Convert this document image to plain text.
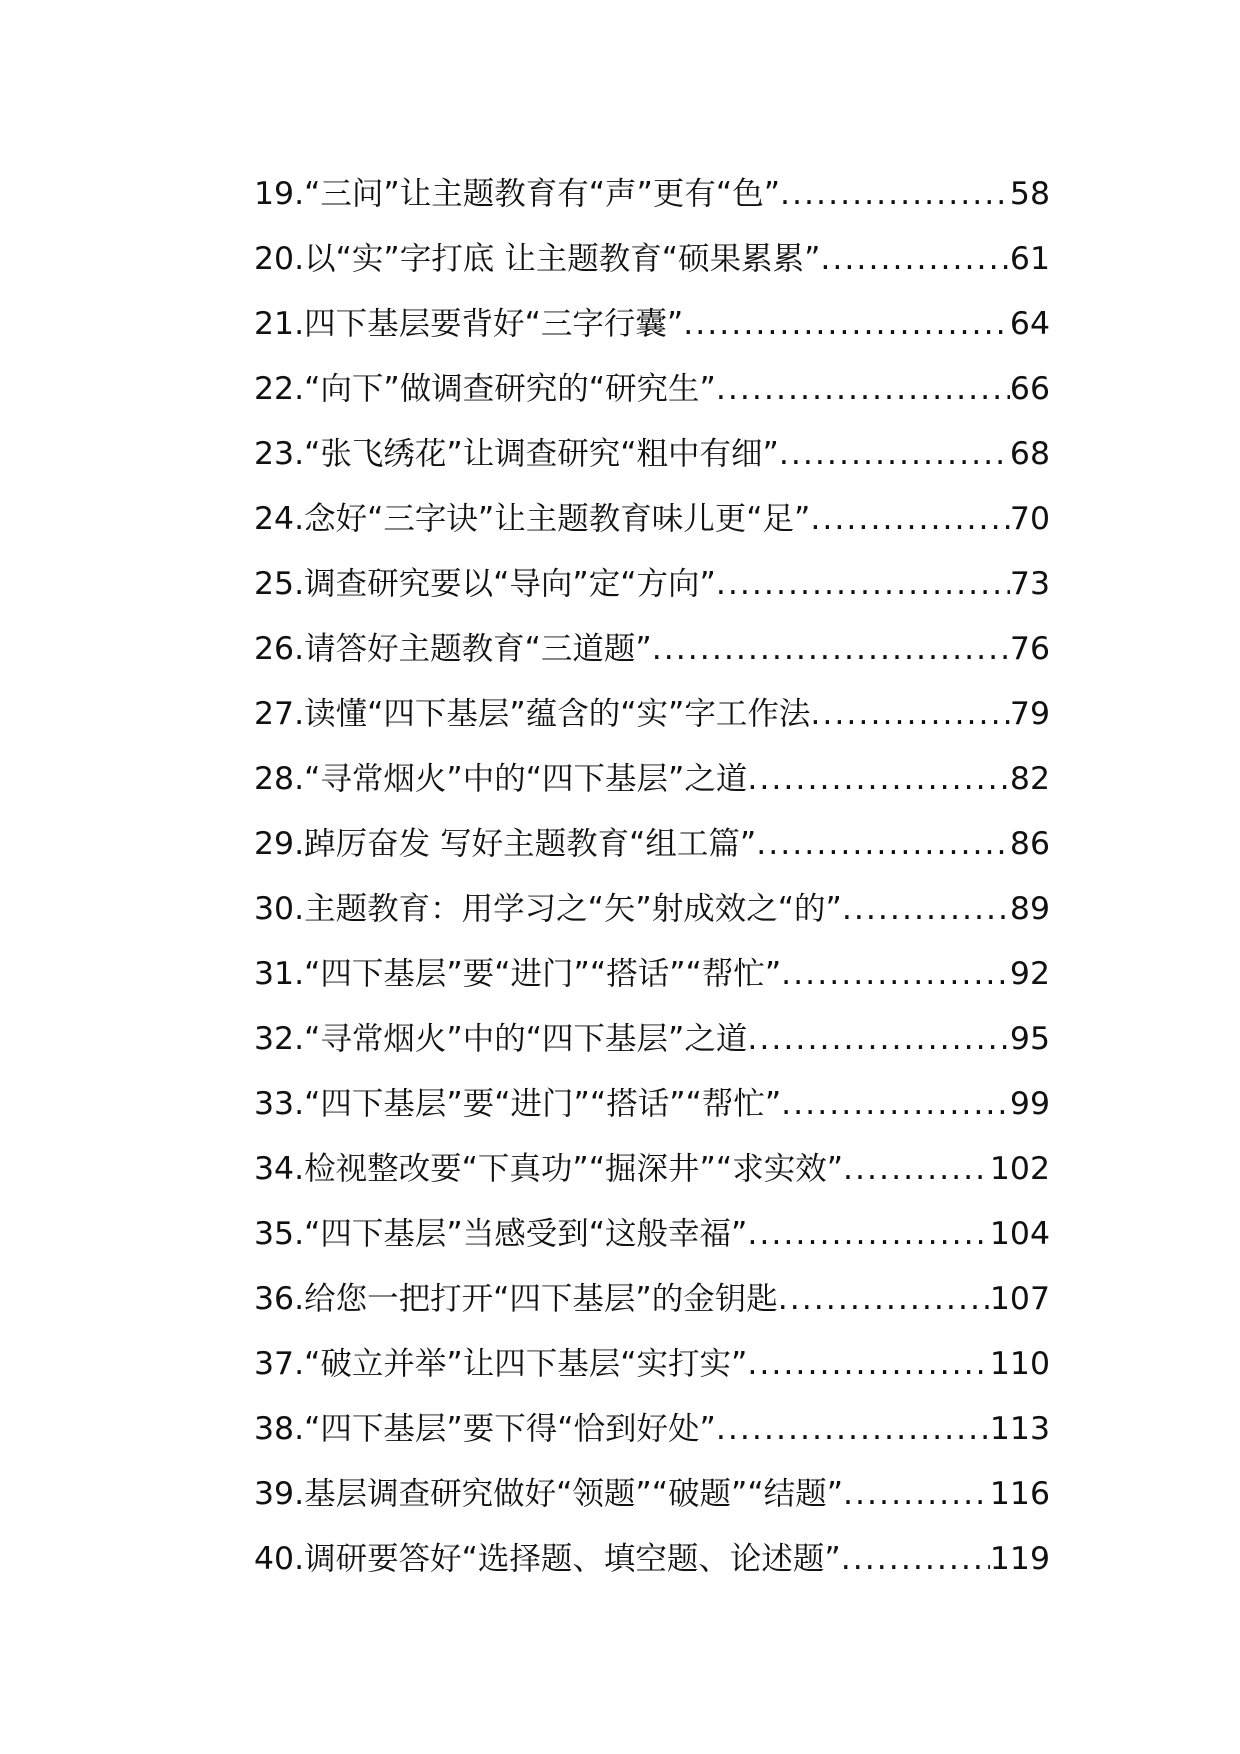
19.“三问”让主题教育有“声”更有“色” .....	58
20.以“实”字打底 让主题教育“硕果累累” .....	61
21.四下基层要背好“三字行囊” .....	64
22.“向下”做调查研究的“研究生” .....	66
23.“张飞绣花”让调查研究“粗中有细” .....	68
24.念好“三字诀”让主题教育味儿更“足” .....	70
25.调查研究要以“导向”定“方向” .....	73
26.请答好主题教育“三道题” .....	76
27.读懂“四下基层”蕴含的“实”字工作法 .....	79
28.“寻常烟火”中的“四下基层”之道 .....	82
29.踔厉奋发 写好主题教育“组工篇” .....	86
30.主题教育：用学习之“矢”射成效之“的” .....	89
31.“四下基层”要“进门”“搭话”“帮忙” .....	92
32.“寻常烟火”中的“四下基层”之道 .....	95
33.“四下基层”要“进门”“搭话”“帮忙” .....	99
34.检视整改要“下真功”“掘深井”“求实效” .....	102
35.“四下基层”当感受到“这般幸福” .....	104
36.给您一把打开“四下基层”的金钥匙 .....	107
37.“破立并举”让四下基层“实打实” .....	110
38.“四下基层”要下得“恰到好处” .....	113
39.基层调查研究做好“领题”“破题”“结题” .....	116
40.调研要答好“选择题、填空题、论述题” .....	119
